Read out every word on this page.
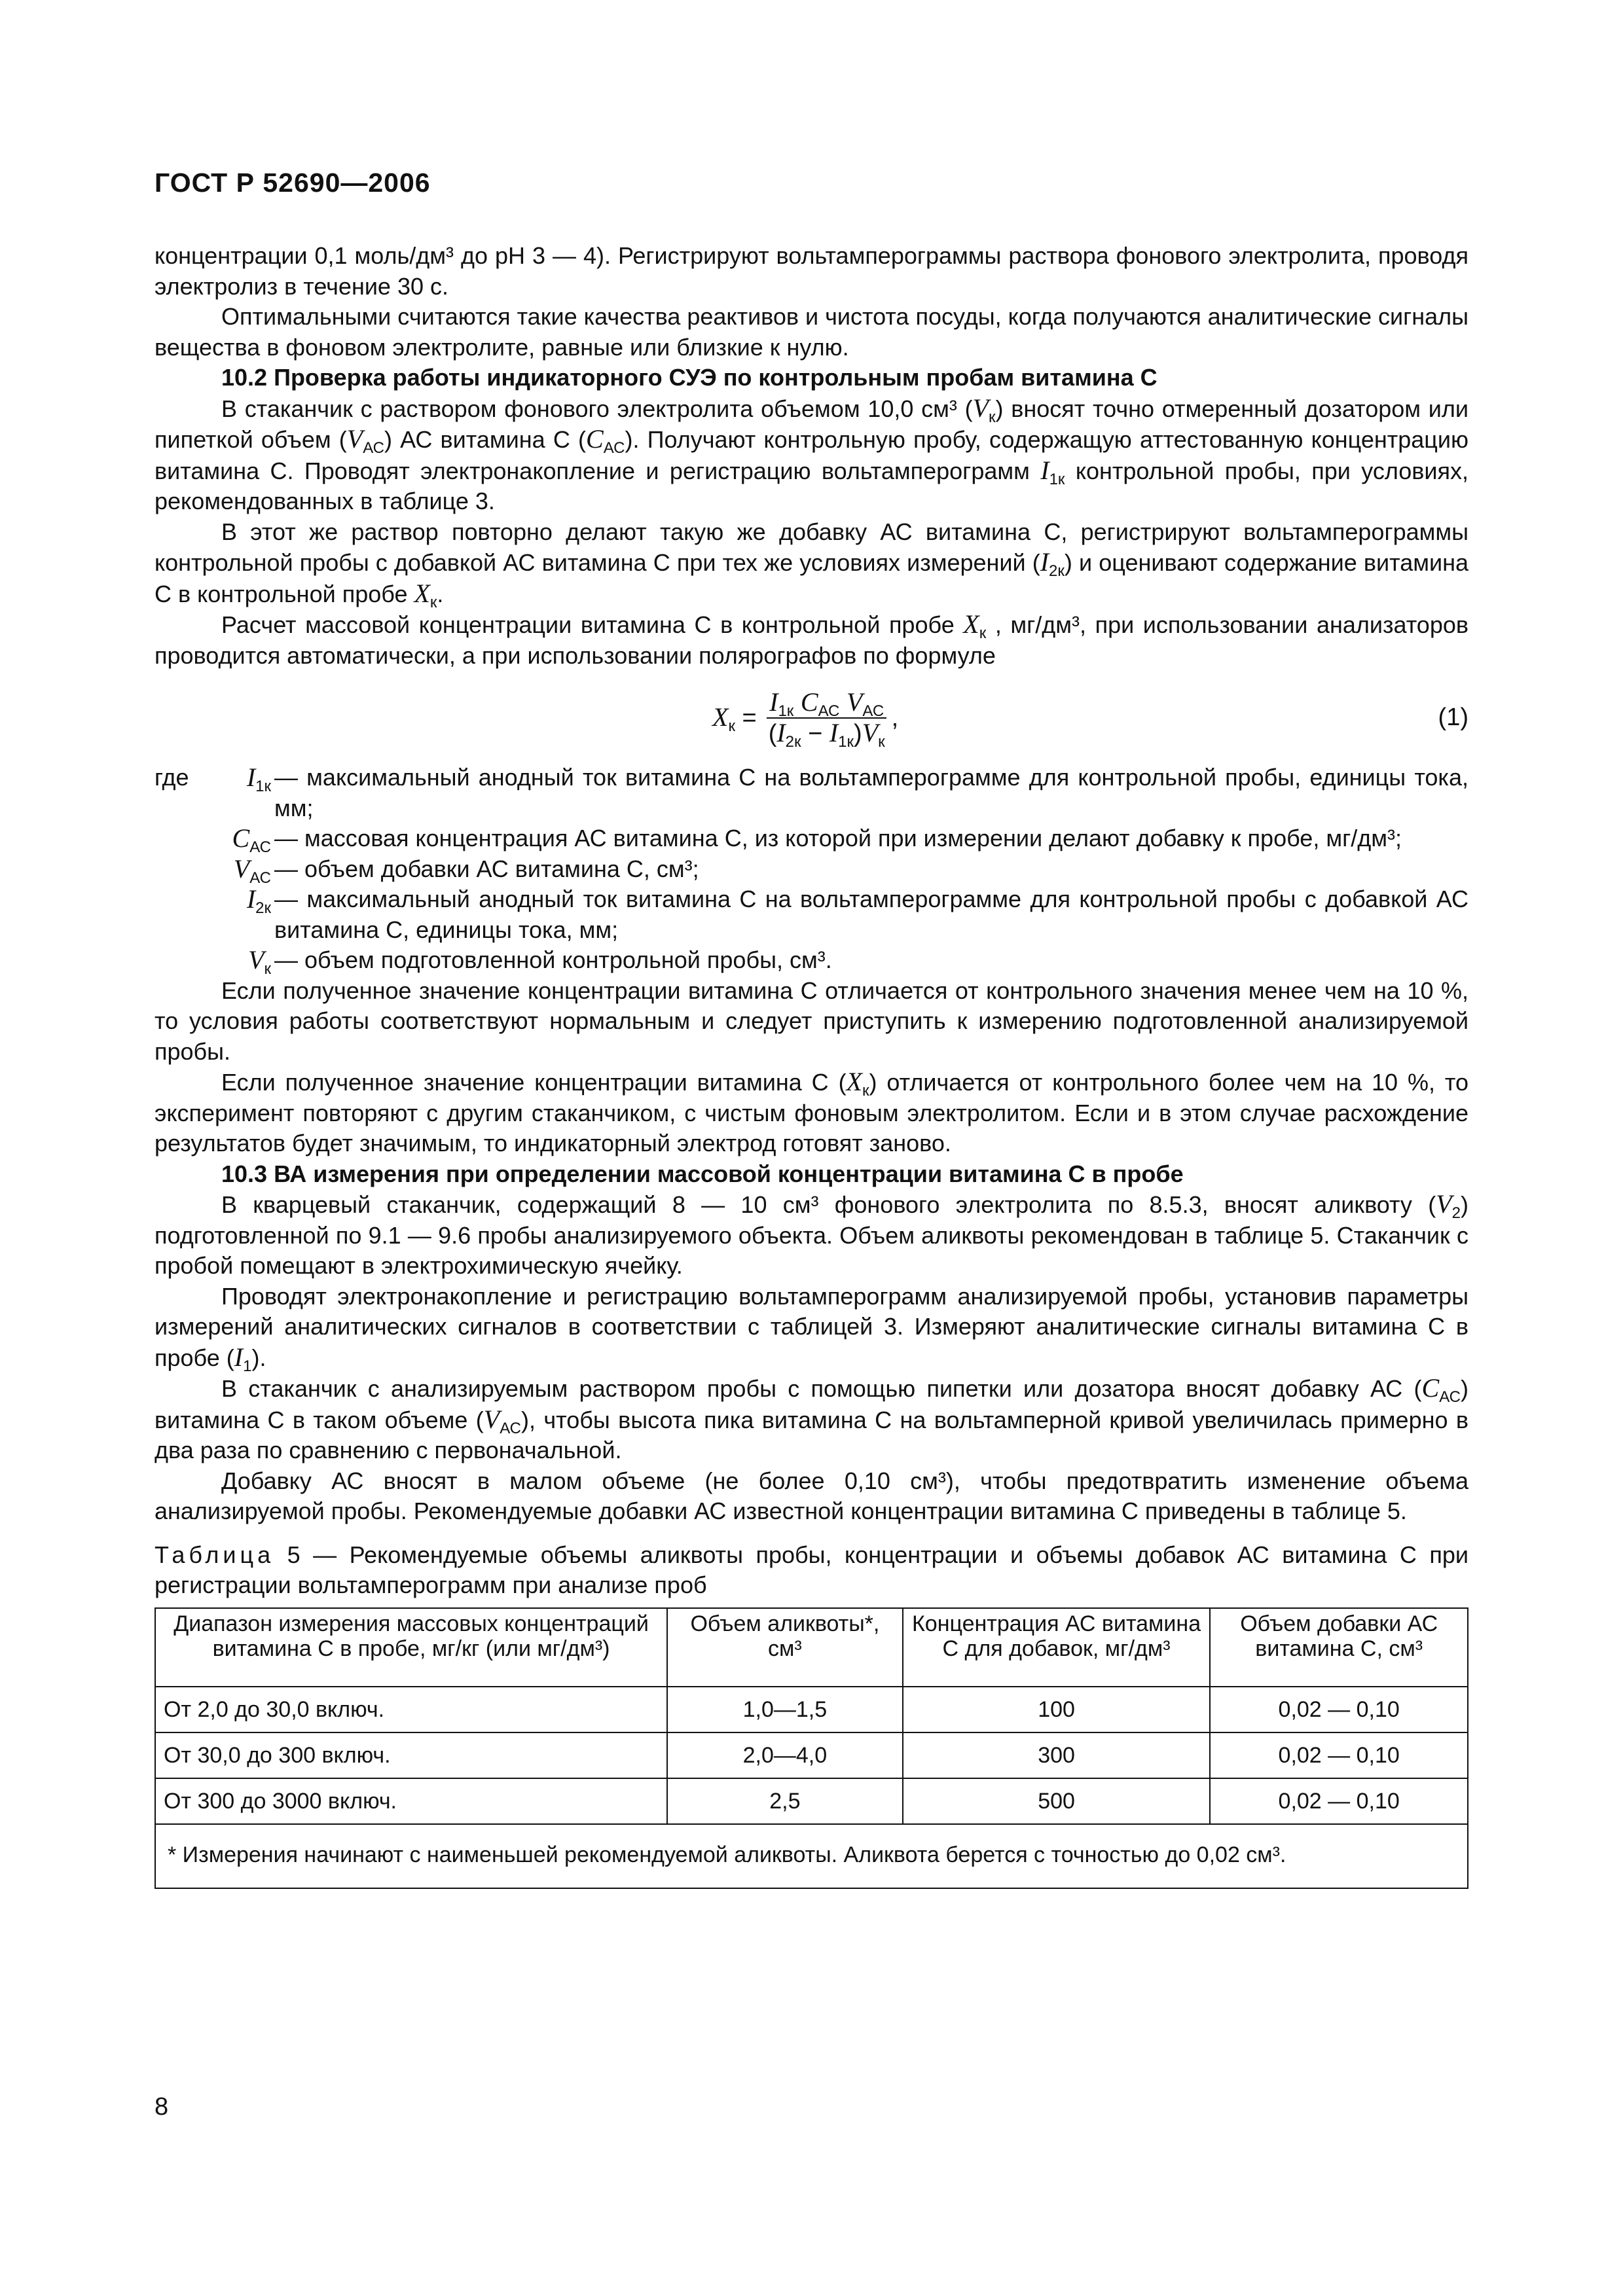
ГОСТ Р 52690—2006

концентрации 0,1 моль/дм³ до pH 3 — 4). Регистрируют вольтамперограммы раствора фонового электролита, проводя электролиз в течение 30 с.

Оптимальными считаются такие качества реактивов и чистота посуды, когда получаются аналитические сигналы вещества в фоновом электролите, равные или близкие к нулю.

10.2 Проверка работы индикаторного СУЭ по контрольным пробам витамина С

В стаканчик с раствором фонового электролита объемом 10,0 см³ $(V_к)$ вносят точно отмеренный дозатором или пипеткой объем $(V_{АС})$ АС витамина С $(C_{АС})$. Получают контрольную пробу, содержащую аттестованную концентрацию витамина С. Проводят электронакопление и регистрацию вольтамперограмм $I_{1к}$ контрольной пробы, при условиях, рекомендованных в таблице 3.

В этот же раствор повторно делают такую же добавку АС витамина С, регистрируют вольтамперограммы контрольной пробы с добавкой АС витамина С при тех же условиях измерений $(I_{2к})$ и оценивают содержание витамина С в контрольной пробе $X_к$.

Расчет массовой концентрации витамина С в контрольной пробе $X_к$ , мг/дм³, при использовании анализаторов проводится автоматически, а при использовании полярографов по формуле

$X_к = \frac{I_{1к} C_{АС} V_{АС}}{(I_{2к} - I_{1к})V_к}$ ,	(1)
где $I_{1к}$ — максимальный анодный ток витамина С на вольтамперограмме для контрольной пробы, единицы тока, мм;
$C_{АС}$ — массовая концентрация АС витамина С, из которой при измерении делают добавку к пробе, мг/дм³;
$V_{АС}$ — объем добавки АС витамина С, см³;
$I_{2к}$ — максимальный анодный ток витамина С на вольтамперограмме для контрольной пробы с добавкой АС витамина С, единицы тока, мм;
$V_к$ — объем подготовленной контрольной пробы, см³.

Если полученное значение концентрации витамина С отличается от контрольного значения менее чем на 10 %, то условия работы соответствуют нормальным и следует приступить к измерению подготовленной анализируемой пробы.

Если полученное значение концентрации витамина С $(X_к)$ отличается от контрольного более чем на 10 %, то эксперимент повторяют с другим стаканчиком, с чистым фоновым электролитом. Если и в этом случае расхождение результатов будет значимым, то индикаторный электрод готовят заново.

10.3 ВА измерения при определении массовой концентрации витамина С в пробе

В кварцевый стаканчик, содержащий 8 — 10 см³ фонового электролита по 8.5.3, вносят аликвоту $(V_2)$ подготовленной по 9.1 — 9.6 пробы анализируемого объекта. Объем аликвоты рекомендован в таблице 5. Стаканчик с пробой помещают в электрохимическую ячейку.

Проводят электронакопление и регистрацию вольтамперограмм анализируемой пробы, установив параметры измерений аналитических сигналов в соответствии с таблицей 3. Измеряют аналитические сигналы витамина С в пробе $(I_1)$.

В стаканчик с анализируемым раствором пробы с помощью пипетки или дозатора вносят добавку АС $(C_{АС})$ витамина С в таком объеме $(V_{АС})$, чтобы высота пика витамина С на вольтамперной кривой увеличилась примерно в два раза по сравнению с первоначальной.

Добавку АС вносят в малом объеме (не более 0,10 см³), чтобы предотвратить изменение объема анализируемой пробы. Рекомендуемые добавки АС известной концентрации витамина С приведены в таблице 5.

Таблица 5 — Рекомендуемые объемы аликвоты пробы, концентрации и объемы добавок АС витамина С при регистрации вольтамперограмм при анализе проб

Диапазон измерения массовых концентраций витамина С в пробе, мг/кг (или мг/дм³)	Объем аликвоты*, см³	Концентрация АС витамина С для добавок, мг/дм³	Объем добавки АС витамина С, см³
От 2,0 до 30,0 включ.	1,0—1,5	100	0,02 — 0,10
От 30,0 до 300 включ.	2,0—4,0	300	0,02 — 0,10
От 300 до 3000 включ.	2,5	500	0,02 — 0,10
* Измерения начинают с наименьшей рекомендуемой аликвоты. Аликвота берется с точностью до 0,02 см³.			
8
